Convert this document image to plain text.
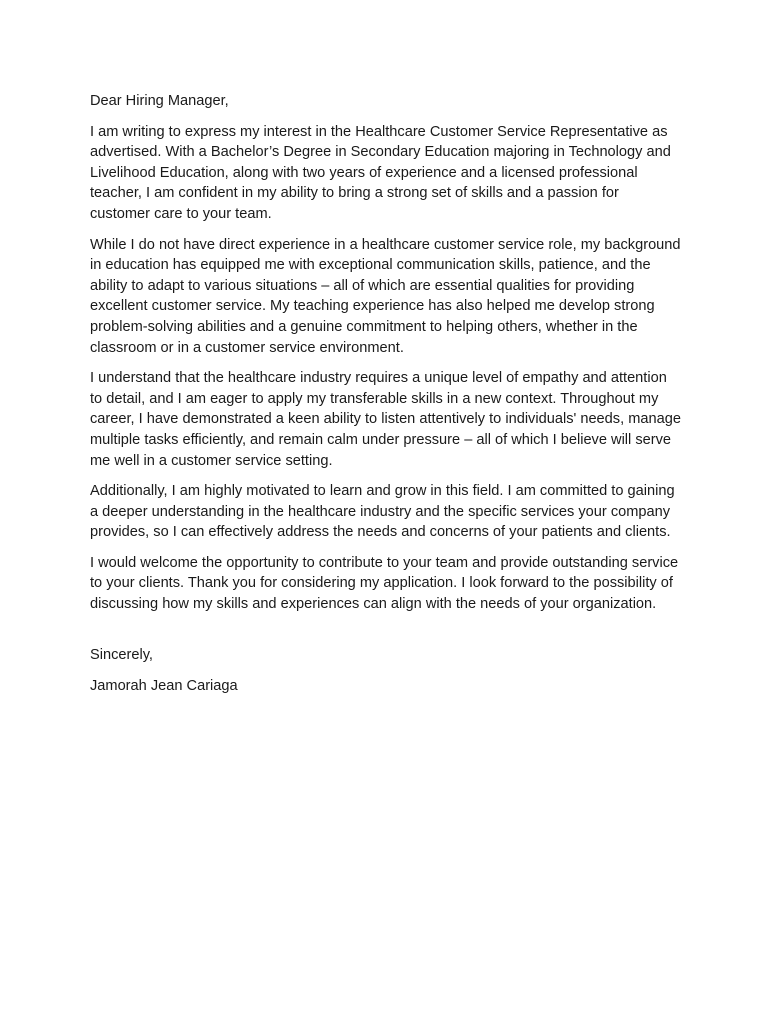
Dear Hiring Manager,

I am writing to express my interest in the Healthcare Customer Service Representative as advertised. With a Bachelor’s Degree in Secondary Education majoring in Technology and Livelihood Education, along with two years of experience and a licensed professional teacher, I am confident in my ability to bring a strong set of skills and a passion for customer care to your team.

While I do not have direct experience in a healthcare customer service role, my background in education has equipped me with exceptional communication skills, patience, and the ability to adapt to various situations – all of which are essential qualities for providing excellent customer service. My teaching experience has also helped me develop strong problem-solving abilities and a genuine commitment to helping others, whether in the classroom or in a customer service environment.

I understand that the healthcare industry requires a unique level of empathy and attention to detail, and I am eager to apply my transferable skills in a new context. Throughout my career, I have demonstrated a keen ability to listen attentively to individuals' needs, manage multiple tasks efficiently, and remain calm under pressure – all of which I believe will serve me well in a customer service setting.

Additionally, I am highly motivated to learn and grow in this field. I am committed to gaining a deeper understanding in the healthcare industry and the specific services your company provides, so I can effectively address the needs and concerns of your patients and clients.

I would welcome the opportunity to contribute to your team and provide outstanding service to your clients. Thank you for considering my application. I look forward to the possibility of discussing how my skills and experiences can align with the needs of your organization.

Sincerely,

Jamorah Jean Cariaga
